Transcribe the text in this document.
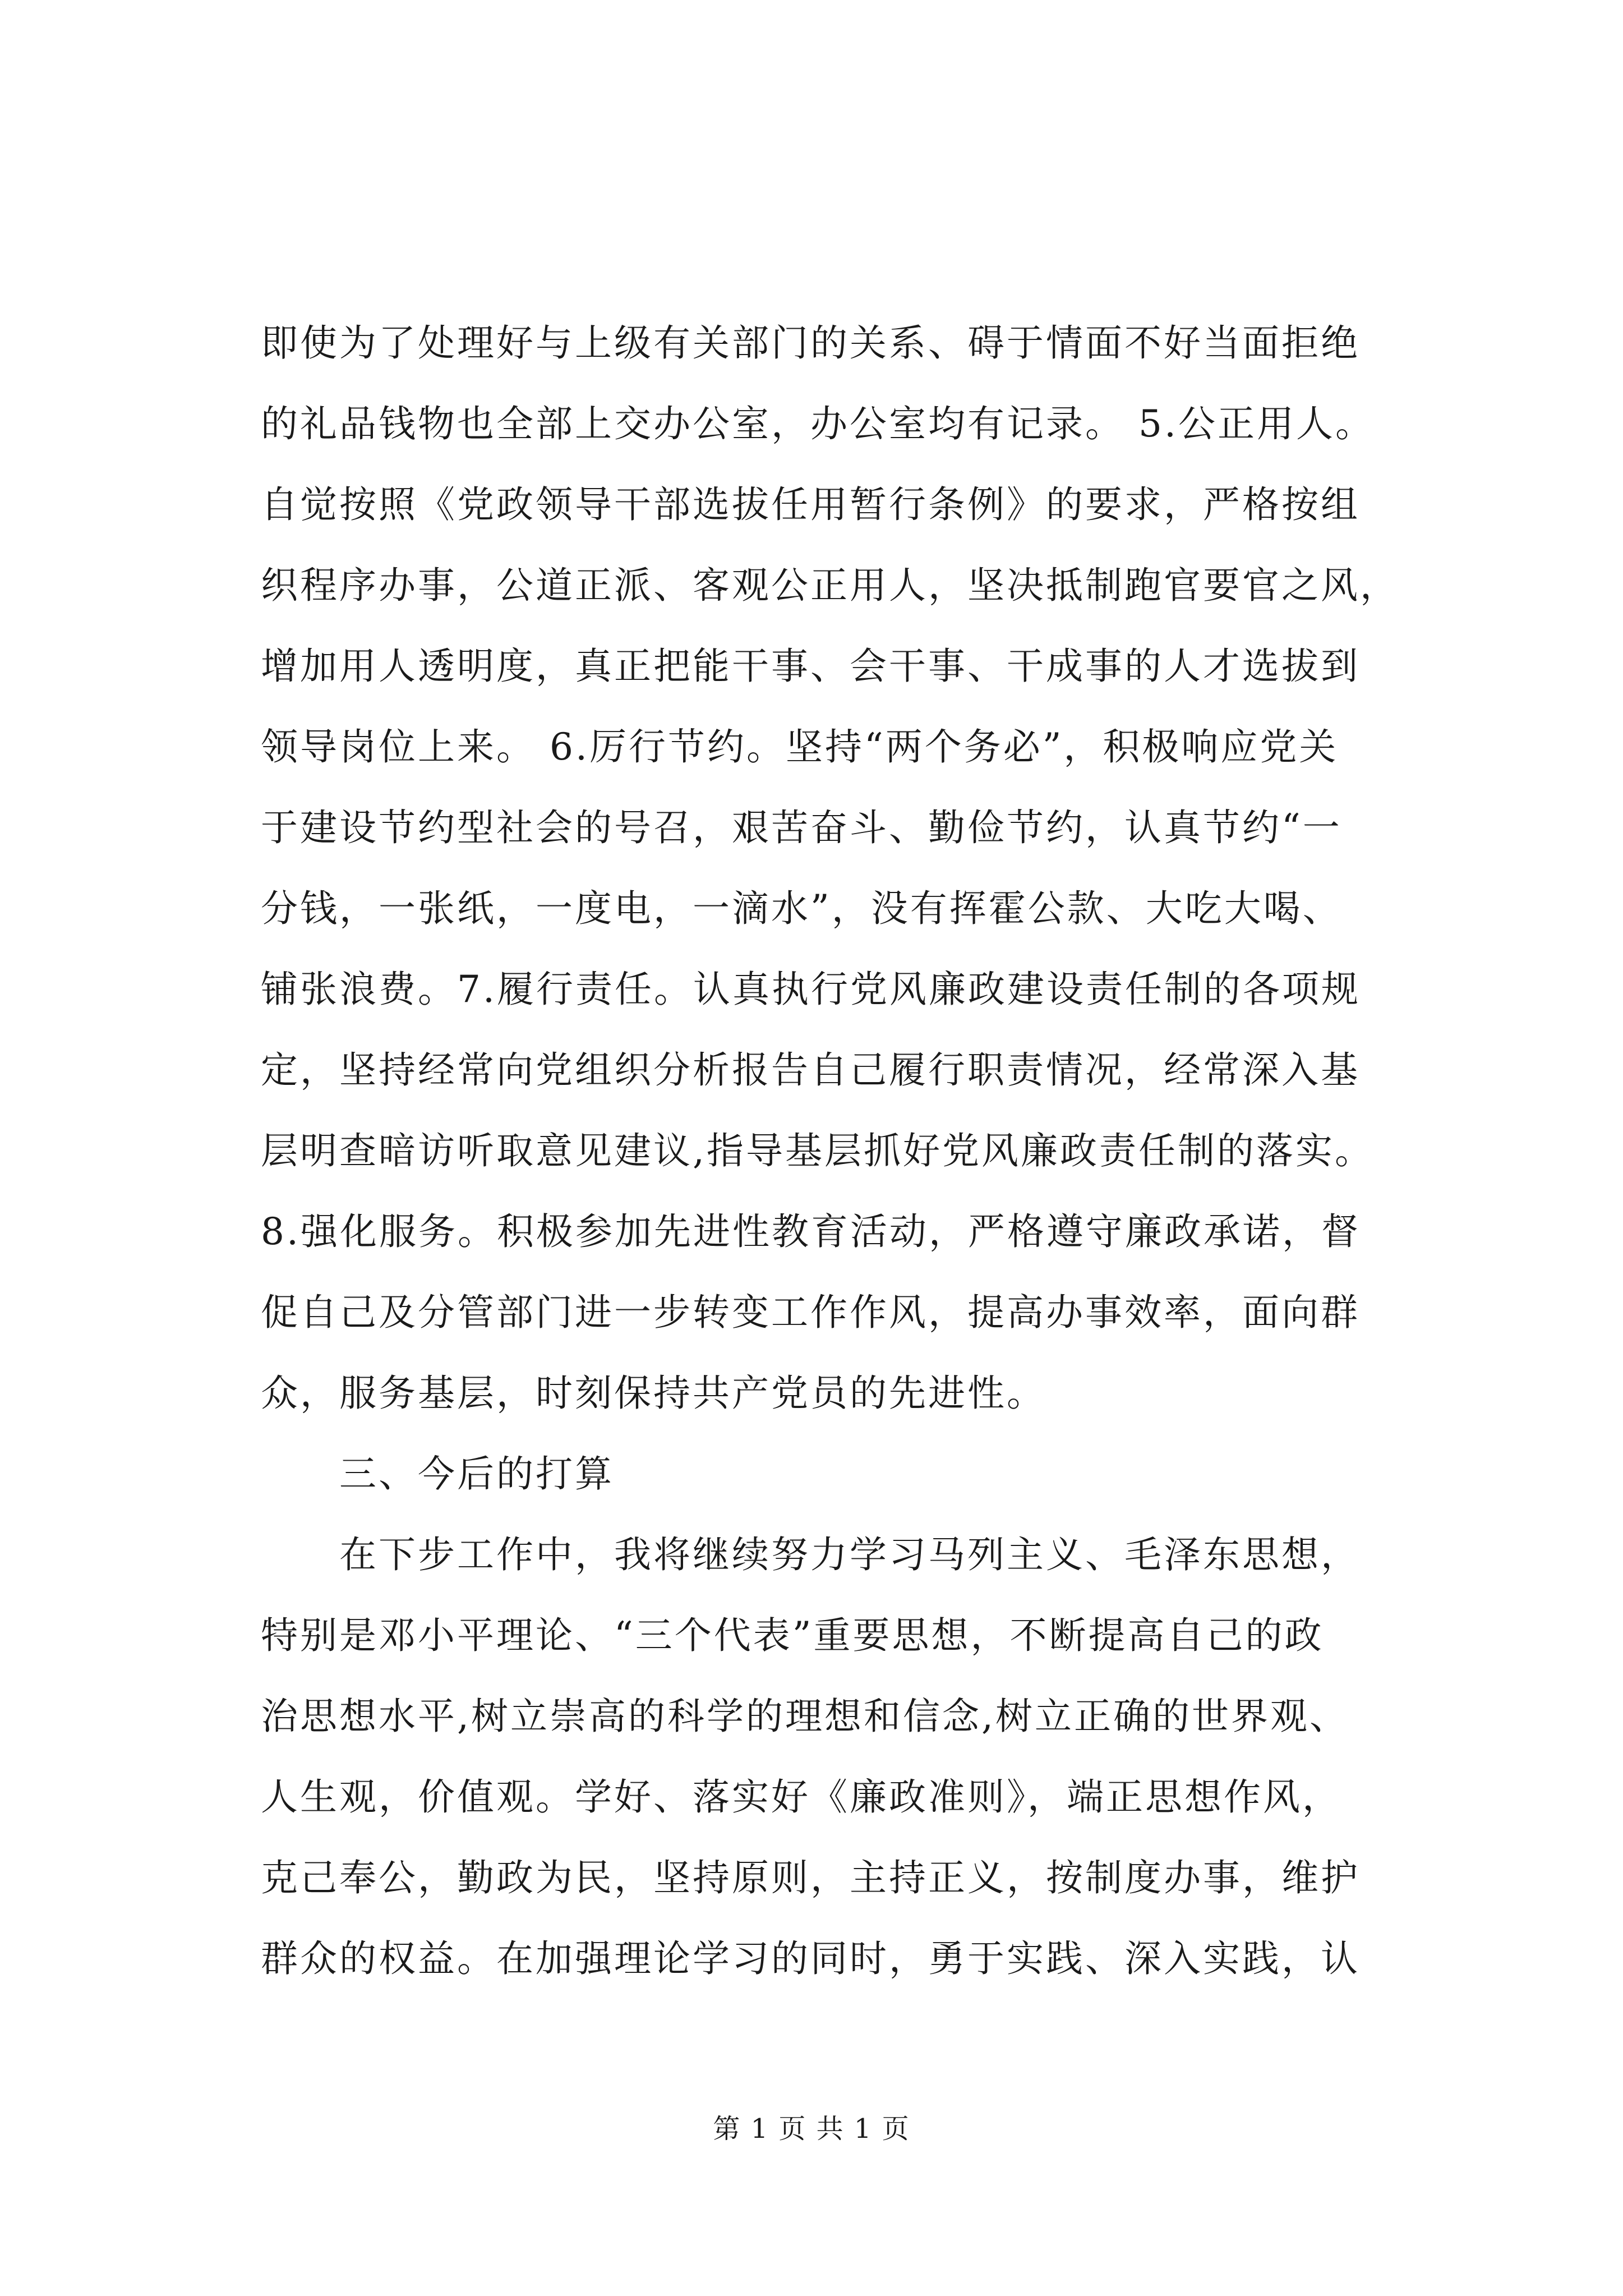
即使为了处理好与上级有关部门的关系、碍于情面不好当面拒绝
的礼品钱物也全部上交办公室，办公室均有记录。 5.公正用人。
自觉按照《党政领导干部选拔任用暂行条例》的要求，严格按组
织程序办事，公道正派、客观公正用人，坚决抵制跑官要官之风，
增加用人透明度，真正把能干事、会干事、干成事的人才选拔到
领导岗位上来。 6.厉行节约。坚持“两个务必”，积极响应党关
于建设节约型社会的号召，艰苦奋斗、勤俭节约，认真节约“一
分钱，一张纸，一度电，一滴水”，没有挥霍公款、大吃大喝、
铺张浪费。7.履行责任。认真执行党风廉政建设责任制的各项规
定，坚持经常向党组织分析报告自己履行职责情况，经常深入基
层明查暗访听取意见建议,指导基层抓好党风廉政责任制的落实。
8.强化服务。积极参加先进性教育活动，严格遵守廉政承诺，督
促自己及分管部门进一步转变工作作风，提高办事效率，面向群
众，服务基层，时刻保持共产党员的先进性。
三、今后的打算
在下步工作中，我将继续努力学习马列主义、毛泽东思想，
特别是邓小平理论、“三个代表”重要思想，不断提高自己的政
治思想水平,树立崇高的科学的理想和信念,树立正确的世界观、
人生观，价值观。学好、落实好《廉政准则》，端正思想作风，
克己奉公，勤政为民，坚持原则，主持正义，按制度办事，维护
群众的权益。在加强理论学习的同时，勇于实践、深入实践，认
第 1 页 共 1 页
